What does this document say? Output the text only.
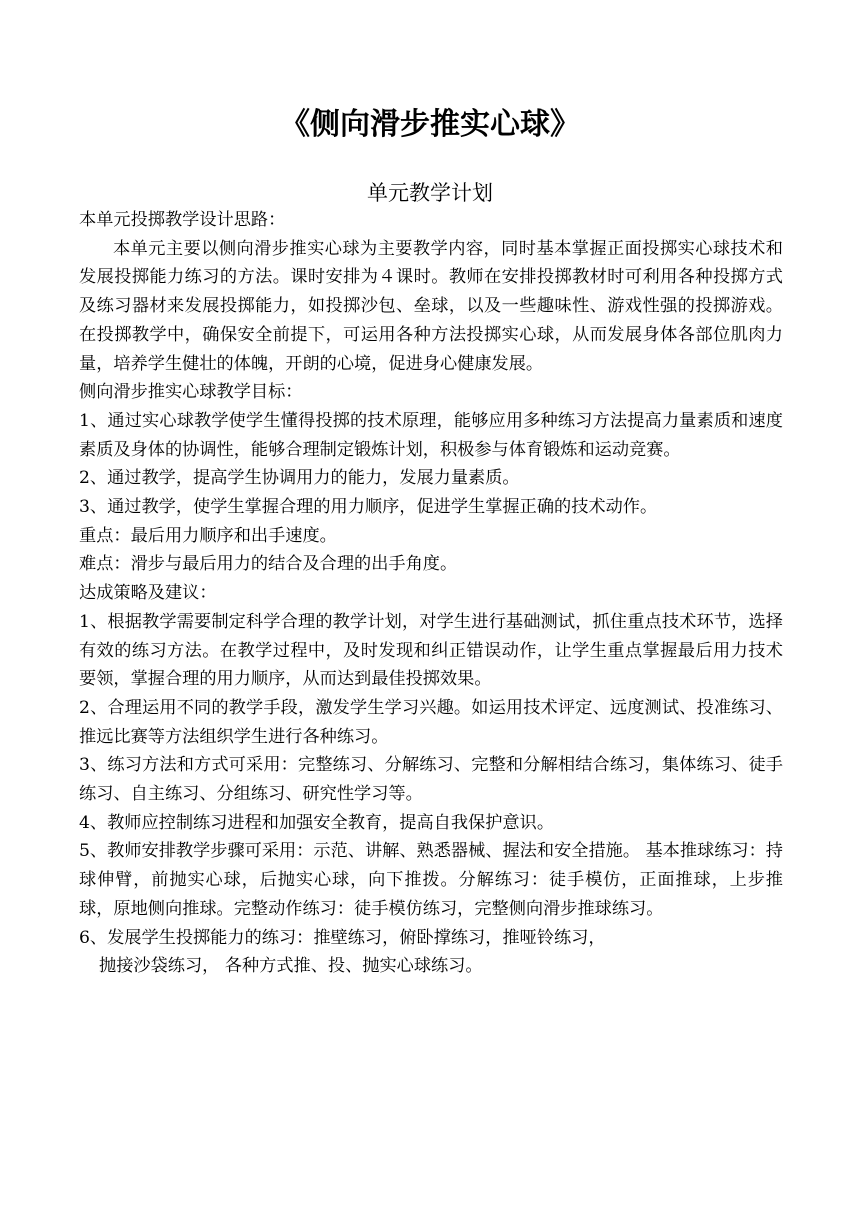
《侧向滑步推实心球》
单元教学计划

本单元投掷教学设计思路：

本单元主要以侧向滑步推实心球为主要教学内容，同时基本掌握正面投掷实心球技术和发展投掷能力练习的方法。课时安排为４课时。教师在安排投掷教材时可利用各种投掷方式及练习器材来发展投掷能力，如投掷沙包、垒球，以及一些趣味性、游戏性强的投掷游戏。在投掷教学中，确保安全前提下，可运用各种方法投掷实心球，从而发展身体各部位肌肉力量，培养学生健壮的体魄，开朗的心境，促进身心健康发展。

侧向滑步推实心球教学目标：

1、通过实心球教学使学生懂得投掷的技术原理，能够应用多种练习方法提高力量素质和速度素质及身体的协调性，能够合理制定锻炼计划，积极参与体育锻炼和运动竞赛。

2、通过教学，提高学生协调用力的能力，发展力量素质。

3、通过教学，使学生掌握合理的用力顺序，促进学生掌握正确的技术动作。

重点：最后用力顺序和出手速度。

难点：滑步与最后用力的结合及合理的出手角度。

达成策略及建议：

1、根据教学需要制定科学合理的教学计划，对学生进行基础测试，抓住重点技术环节，选择有效的练习方法。在教学过程中，及时发现和纠正错误动作，让学生重点掌握最后用力技术要领，掌握合理的用力顺序，从而达到最佳投掷效果。

2、合理运用不同的教学手段，激发学生学习兴趣。如运用技术评定、远度测试、投准练习、推远比赛等方法组织学生进行各种练习。

3、练习方法和方式可采用：完整练习、分解练习、完整和分解相结合练习，集体练习、徒手练习、自主练习、分组练习、研究性学习等。

4、教师应控制练习进程和加强安全教育，提高自我保护意识。

5、教师安排教学步骤可采用：示范、讲解、熟悉器械、握法和安全措施。 基本推球练习：持球伸臂，前抛实心球，后抛实心球，向下推拨。分解练习：徒手模仿，正面推球，上步推球，原地侧向推球。完整动作练习：徒手模仿练习，完整侧向滑步推球练习。

6、发展学生投掷能力的练习：推壁练习，俯卧撑练习，推哑铃练习，

抛接沙袋练习， 各种方式推、投、抛实心球练习。
